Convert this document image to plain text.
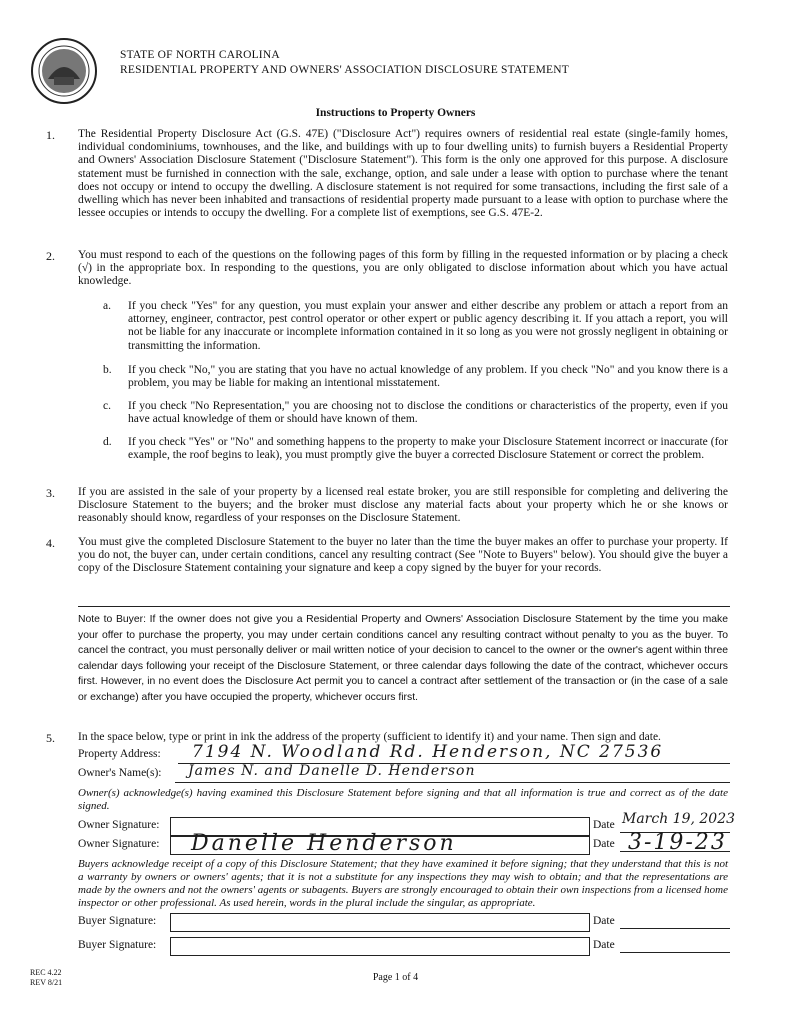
STATE OF NORTH CAROLINA
RESIDENTIAL PROPERTY AND OWNERS' ASSOCIATION DISCLOSURE STATEMENT
Instructions to Property Owners
1. The Residential Property Disclosure Act (G.S. 47E) ("Disclosure Act") requires owners of residential real estate (single-family homes, individual condominiums, townhouses, and the like, and buildings with up to four dwelling units) to furnish buyers a Residential Property and Owners' Association Disclosure Statement ("Disclosure Statement"). This form is the only one approved for this purpose. A disclosure statement must be furnished in connection with the sale, exchange, option, and sale under a lease with option to purchase where the tenant does not occupy or intend to occupy the dwelling. A disclosure statement is not required for some transactions, including the first sale of a dwelling which has never been inhabited and transactions of residential property made pursuant to a lease with option to purchase where the lessee occupies or intends to occupy the dwelling. For a complete list of exemptions, see G.S. 47E-2.
2. You must respond to each of the questions on the following pages of this form by filling in the requested information or by placing a check (√) in the appropriate box. In responding to the questions, you are only obligated to disclose information about which you have actual knowledge.
a. If you check "Yes" for any question, you must explain your answer and either describe any problem or attach a report from an attorney, engineer, contractor, pest control operator or other expert or public agency describing it. If you attach a report, you will not be liable for any inaccurate or incomplete information contained in it so long as you were not grossly negligent in obtaining or transmitting the information.
b. If you check "No," you are stating that you have no actual knowledge of any problem. If you check "No" and you know there is a problem, you may be liable for making an intentional misstatement.
c. If you check "No Representation," you are choosing not to disclose the conditions or characteristics of the property, even if you have actual knowledge of them or should have known of them.
d. If you check "Yes" or "No" and something happens to the property to make your Disclosure Statement incorrect or inaccurate (for example, the roof begins to leak), you must promptly give the buyer a corrected Disclosure Statement or correct the problem.
3. If you are assisted in the sale of your property by a licensed real estate broker, you are still responsible for completing and delivering the Disclosure Statement to the buyers; and the broker must disclose any material facts about your property which he or she knows or reasonably should know, regardless of your responses on the Disclosure Statement.
4. You must give the completed Disclosure Statement to the buyer no later than the time the buyer makes an offer to purchase your property. If you do not, the buyer can, under certain conditions, cancel any resulting contract (See "Note to Buyers" below). You should give the buyer a copy of the Disclosure Statement containing your signature and keep a copy signed by the buyer for your records.
Note to Buyer: If the owner does not give you a Residential Property and Owners' Association Disclosure Statement by the time you make your offer to purchase the property, you may under certain conditions cancel any resulting contract without penalty to you as the buyer. To cancel the contract, you must personally deliver or mail written notice of your decision to cancel to the owner or the owner's agent within three calendar days following your receipt of the Disclosure Statement, or three calendar days following the date of the contract, whichever occurs first. However, in no event does the Disclosure Act permit you to cancel a contract after settlement of the transaction or (in the case of a sale or exchange) after you have occupied the property, whichever occurs first.
5. In the space below, type or print in ink the address of the property (sufficient to identify it) and your name. Then sign and date.
Property Address: 7194 N. Woodland Rd. Henderson, NC 27536
Owner's Name(s): James N. and Danelle D. Henderson
Owner(s) acknowledge(s) having examined this Disclosure Statement before signing and that all information is true and correct as of the date signed.
Owner Signature:	Date March 19, 2023
Owner Signature: Danelle Henderson	Date 3-19-23
Buyers acknowledge receipt of a copy of this Disclosure Statement; that they have examined it before signing; that they understand that this is not a warranty by owners or owners' agents; that it is not a substitute for any inspections they may wish to obtain; and that the representations are made by the owners and not the owners' agents or subagents. Buyers are strongly encouraged to obtain their own inspections from a licensed home inspector or other professional. As used herein, words in the plural include the singular, as appropriate.
Buyer Signature:	Date
Buyer Signature:	Date
REC 4.22
REV 8/21	Page 1 of 4
